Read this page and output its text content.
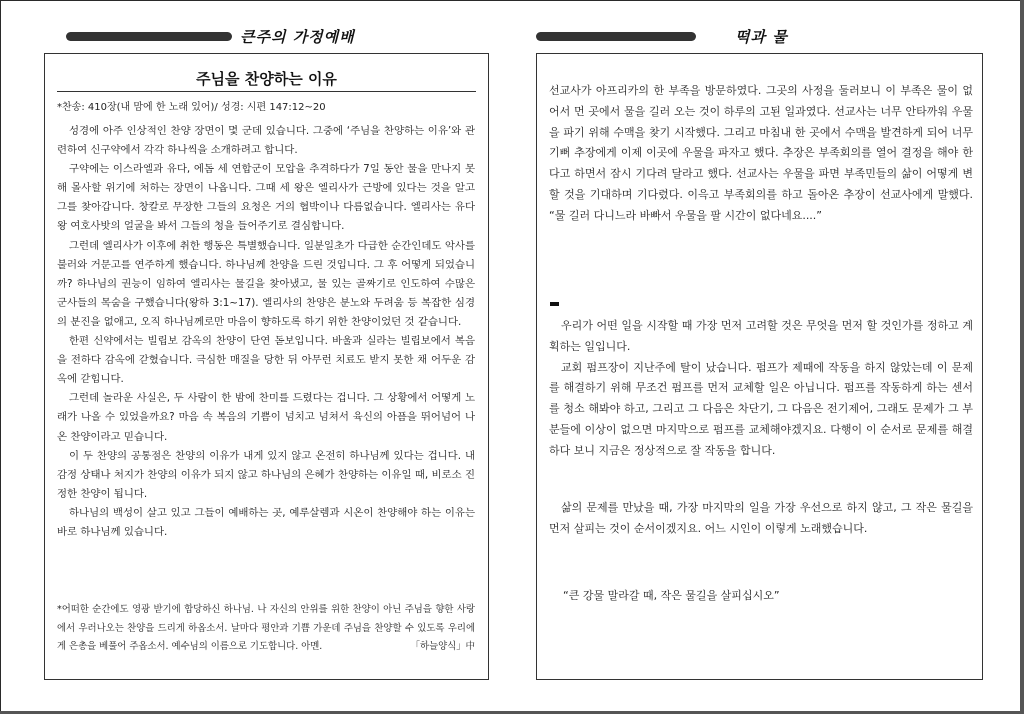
큰주의 가정예배	떡과 물
주님을 찬양하는 이유
*찬송: 410장(내 맘에 한 노래 있어)/ 성경: 시편 147:12~20

성경에 아주 인상적인 찬양 장면이 몇 군데 있습니다. 그중에 ‘주님을 찬양하는 이유’와 관련하여 신구약에서 각각 하나씩을 소개하려고 합니다.

구약에는 이스라엘과 유다, 에돔 세 연합군이 모압을 추격하다가 7일 동안 물을 만나지 못해 몰사할 위기에 처하는 장면이 나옵니다. 그때 세 왕은 엘리사가 근방에 있다는 것을 알고 그를 찾아갑니다. 창칼로 무장한 그들의 요청은 거의 협박이나 다름없습니다. 엘리사는 유다 왕 여호사밧의 얼굴을 봐서 그들의 청을 들어주기로 결심합니다.

그런데 엘리사가 이후에 취한 행동은 특별했습니다. 일분일초가 다급한 순간인데도 악사를 불러와 거문고를 연주하게 했습니다. 하나님께 찬양을 드린 것입니다. 그 후 어떻게 되었습니까? 하나님의 권능이 임하여 엘리사는 물길을 찾아냈고, 물 있는 골짜기로 인도하여 수많은 군사들의 목숨을 구했습니다(왕하 3:1~17). 엘리사의 찬양은 분노와 두려움 등 복잡한 심경의 분진을 없애고, 오직 하나님께로만 마음이 향하도록 하기 위한 찬양이었던 것 같습니다.

한편 신약에서는 빌립보 감옥의 찬양이 단연 돋보입니다. 바울과 실라는 빌립보에서 복음을 전하다 감옥에 갇혔습니다. 극심한 매질을 당한 뒤 아무런 치료도 받지 못한 채 어두운 감옥에 갇힙니다.

그런데 놀라운 사실은, 두 사람이 한 밤에 찬미를 드렸다는 겁니다. 그 상황에서 어떻게 노래가 나올 수 있었을까요? 마음 속 복음의 기쁨이 넘치고 넘쳐서 육신의 아픔을 뛰어넘어 나온 찬양이라고 믿습니다.

이 두 찬양의 공통점은 찬양의 이유가 내게 있지 않고 온전히 하나님께 있다는 겁니다. 내 감정 상태나 처지가 찬양의 이유가 되지 않고 하나님의 은혜가 찬양하는 이유일 때, 비로소 진정한 찬양이 됩니다.

하나님의 백성이 살고 있고 그들이 예배하는 곳, 예루살렘과 시온이 찬양해야 하는 이유는 바로 하나님께 있습니다.

*어떠한 순간에도 영광 받기에 합당하신 하나님. 나 자신의 안위를 위한 찬양이 아닌 주님을 향한 사랑에서 우러나오는 찬양을 드리게 하옵소서. 날마다 평안과 기쁨 가운데 주님을 찬양할 수 있도록 우리에게 은총을 베풀어 주옵소서. 예수님의 이름으로 기도합니다. 아멘.	「하늘양식」中

선교사가 아프리카의 한 부족을 방문하였다. 그곳의 사정을 둘러보니 이 부족은 물이 없어서 먼 곳에서 물을 길러 오는 것이 하루의 고된 일과였다. 선교사는 너무 안타까워 우물을 파기 위해 수맥을 찾기 시작했다. 그리고 마침내 한 곳에서 수맥을 발견하게 되어 너무 기뻐 추장에게 이제 이곳에 우물을 파자고 했다. 추장은 부족회의를 열어 결정을 해야 한다고 하면서 잠시 기다려 달라고 했다. 선교사는 우물을 파면 부족민들의 삶이 어떻게 변할 것을 기대하며 기다렸다. 이윽고 부족회의를 하고 돌아온 추장이 선교사에게 말했다. “물 길러 다니느라 바빠서 우물을 팔 시간이 없다네요....”

우리가 어떤 일을 시작할 때 가장 먼저 고려할 것은 무엇을 먼저 할 것인가를 정하고 계획하는 일입니다.

교회 펌프장이 지난주에 탈이 났습니다. 펌프가 제때에 작동을 하지 않았는데 이 문제를 해결하기 위해 무조건 펌프를 먼저 교체할 일은 아닙니다. 펌프를 작동하게 하는 센서를 청소 해봐야 하고, 그리고 그 다음은 차단기, 그 다음은 전기제어, 그래도 문제가 그 부분들에 이상이 없으면 마지막으로 펌프를 교체해야겠지요. 다행이 이 순서로 문제를 해결하다 보니 지금은 정상적으로 잘 작동을 합니다.

삶의 문제를 만났을 때, 가장 마지막의 일을 가장 우선으로 하지 않고, 그 작은 물길을 먼저 살피는 것이 순서이겠지요. 어느 시인이 이렇게 노래했습니다.

“큰 강물 말라갈 때, 작은 물길을 살피십시오”
